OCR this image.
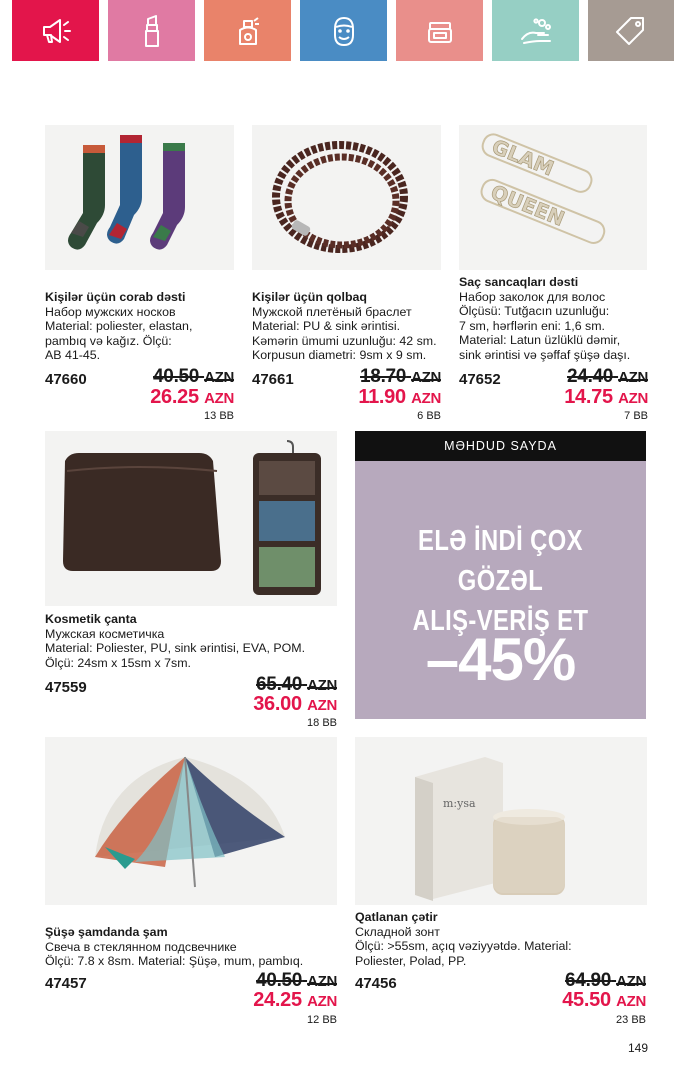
Kişilər üçün corab dəsti
Набор мужских носков
Material: poliester, elastan,
pambıq və kağız. Ölçü:
AB 41-45.
47660	40.50 AZN
26.25 AZN
13 BB
Kişilər üçün qolbaq
Мужской плетёный браслет
Material: PU & sink ərintisi.
Kəmərin ümumi uzunluğu: 42 sm.
Korpusun diametri: 9sm x 9 sm.
47661	18.70 AZN
11.90 AZN
6 BB
GLAM
QUEEN
Saç sancaqları dəsti
Набор заколок для волос
Ölçüsü: Tutğacın uzunluğu:
7 sm, hərflərin eni: 1,6 sm.
Material: Latun üzlüklü dəmir,
sink ərintisi və şəffaf şüşə daşı.
47652	24.40 AZN
14.75 AZN
7 BB
Kosmetik çanta
Мужская косметичка
Material: Poliester, PU, sink ərintisi, EVA, POM.
Ölçü: 24sm x 15sm x 7sm.
47559	65.40 AZN
36.00 AZN
18 BB
MƏHDUD SAYDA
ELƏ İNDİ ÇOX GÖZƏL
ALIŞ-VERİŞ ET
–45%
m:ysa
Şüşə şamdanda şam
Свеча в стеклянном подсвечнике
Ölçü: 7.8 x 8sm. Material: Şüşə, mum, pambıq.
47457	40.50 AZN
24.25 AZN
12 BB
Qatlanan çətir
Складной зонт
Ölçü: >55sm, açıq vəziyyətdə. Material:
Poliester, Polad, PP.
47456	64.90 AZN
45.50 AZN
23 BB
149
